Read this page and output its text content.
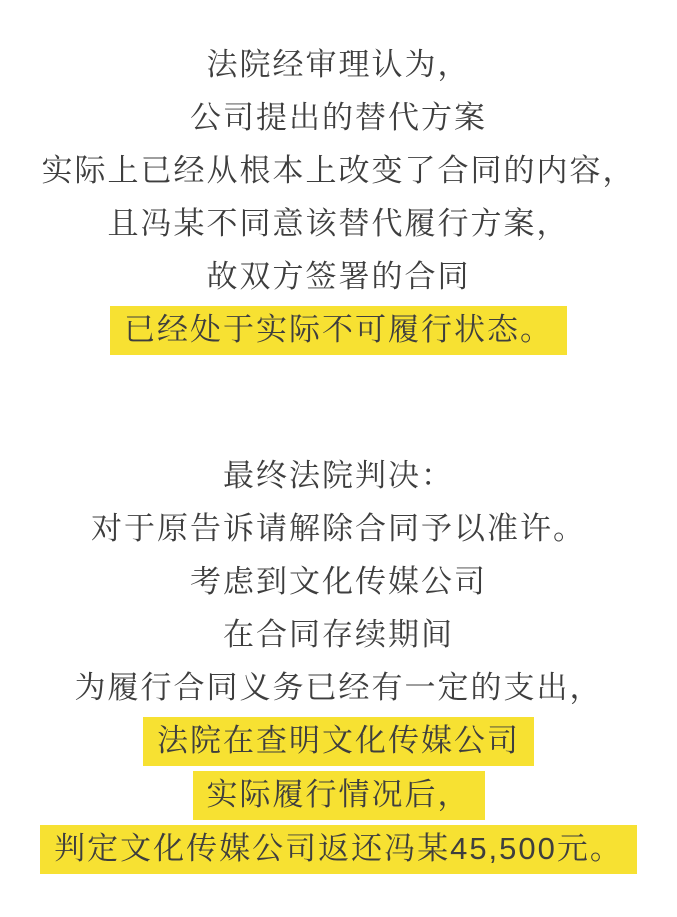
法院经审理认为，
公司提出的替代方案
实际上已经从根本上改变了合同的内容，
且冯某不同意该替代履行方案，
故双方签署的合同
已经处于实际不可履行状态。
最终法院判决：
对于原告诉请解除合同予以准许。
考虑到文化传媒公司
在合同存续期间
为履行合同义务已经有一定的支出，
法院在查明文化传媒公司
实际履行情况后，
判定文化传媒公司返还冯某45,500元。
